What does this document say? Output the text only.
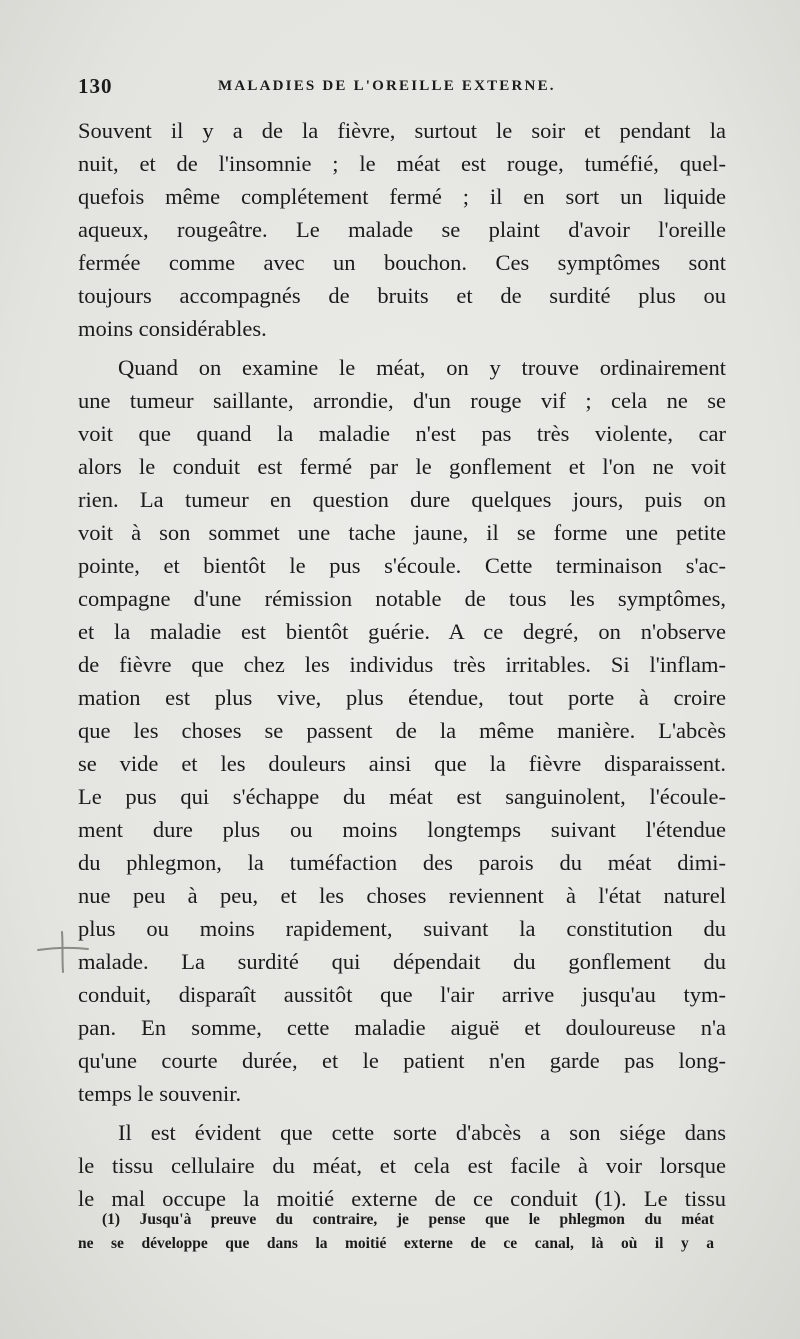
130	MALADIES DE L'OREILLE EXTERNE.
Souvent il y a de la fièvre, surtout le soir et pendant la
nuit, et de l'insomnie ; le méat est rouge, tuméfié, quel-
quefois même complétement fermé ; il en sort un liquide
aqueux, rougeâtre. Le malade se plaint d'avoir l'oreille
fermée comme avec un bouchon. Ces symptômes sont
toujours accompagnés de bruits et de surdité plus ou
moins considérables.
Quand on examine le méat, on y trouve ordinairement
une tumeur saillante, arrondie, d'un rouge vif ; cela ne se
voit que quand la maladie n'est pas très violente, car
alors le conduit est fermé par le gonflement et l'on ne voit
rien. La tumeur en question dure quelques jours, puis on
voit à son sommet une tache jaune, il se forme une petite
pointe, et bientôt le pus s'écoule. Cette terminaison s'ac-
compagne d'une rémission notable de tous les symptômes,
et la maladie est bientôt guérie. A ce degré, on n'observe
de fièvre que chez les individus très irritables. Si l'inflam-
mation est plus vive, plus étendue, tout porte à croire
que les choses se passent de la même manière. L'abcès
se vide et les douleurs ainsi que la fièvre disparaissent.
Le pus qui s'échappe du méat est sanguinolent, l'écoule-
ment dure plus ou moins longtemps suivant l'étendue
du phlegmon, la tuméfaction des parois du méat dimi-
nue peu à peu, et les choses reviennent à l'état naturel
plus ou moins rapidement, suivant la constitution du
malade. La surdité qui dépendait du gonflement du
conduit, disparaît aussitôt que l'air arrive jusqu'au tym-
pan. En somme, cette maladie aiguë et douloureuse n'a
qu'une courte durée, et le patient n'en garde pas long-
temps le souvenir.
Il est évident que cette sorte d'abcès a son siége dans
le tissu cellulaire du méat, et cela est facile à voir lorsque
le mal occupe la moitié externe de ce conduit (1). Le tissu
(1) Jusqu'à preuve du contraire, je pense que le phlegmon du méat
ne se développe que dans la moitié externe de ce canal, là où il y a
